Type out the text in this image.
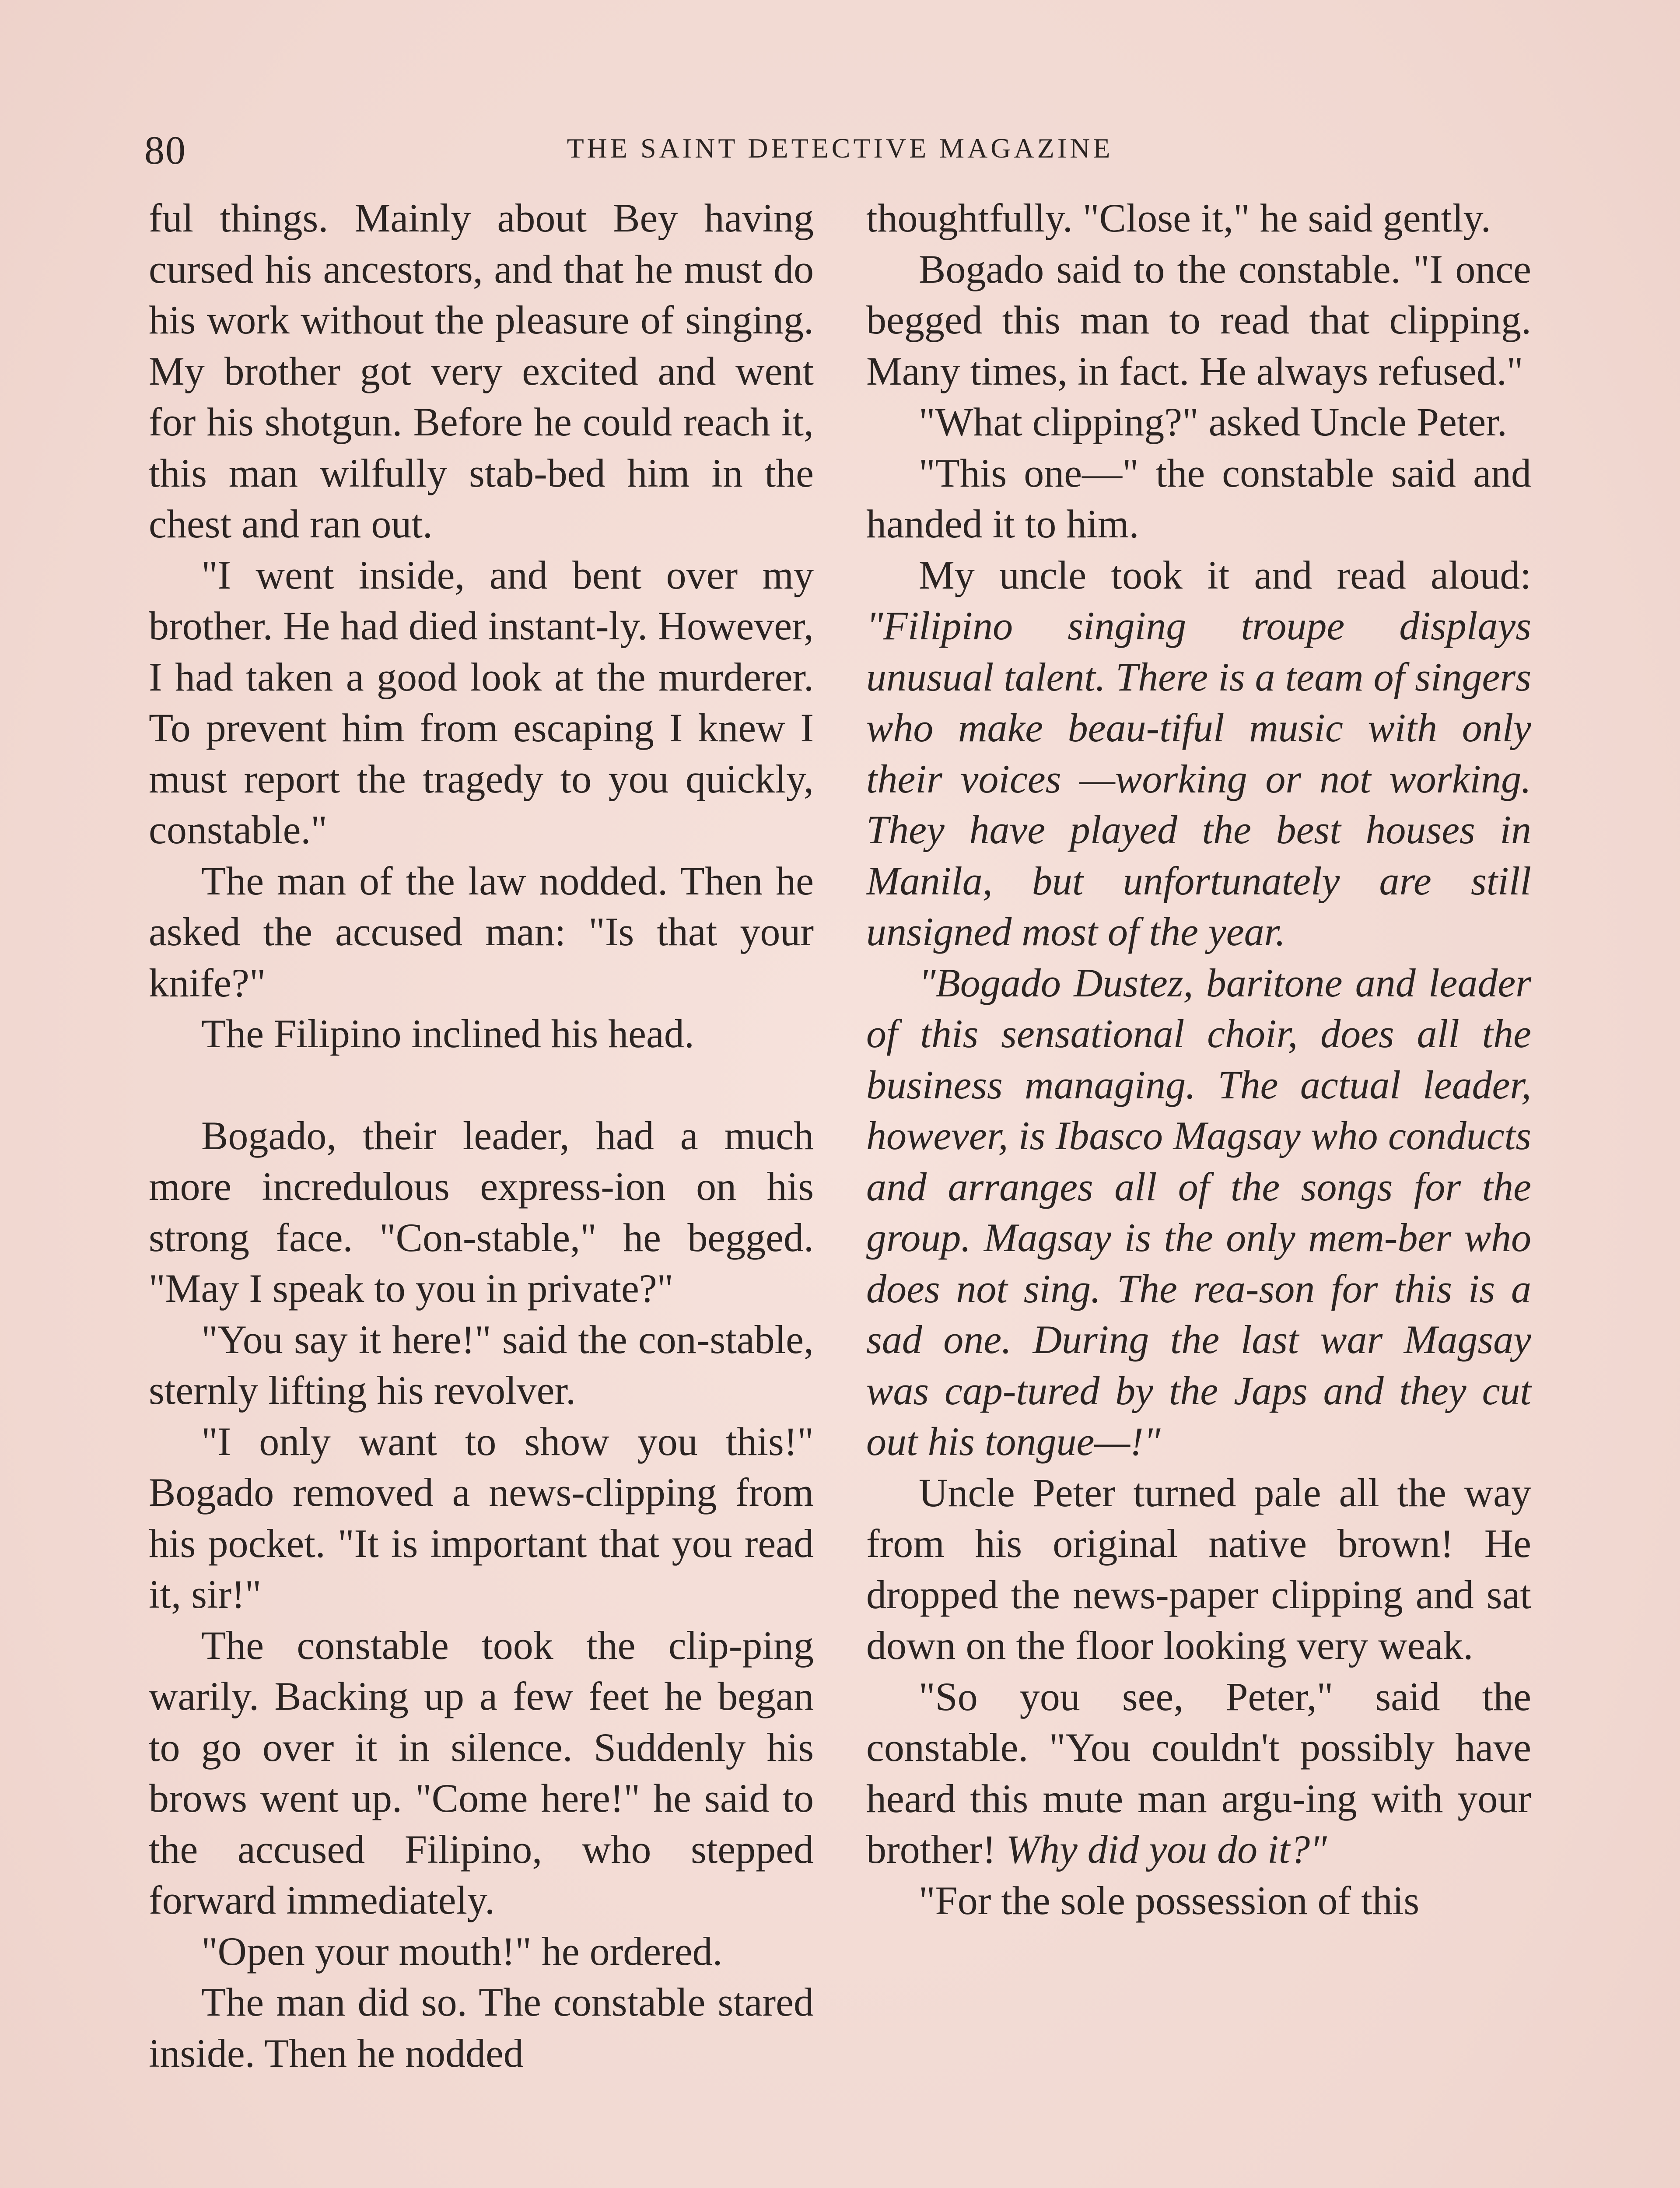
80	THE SAINT DETECTIVE MAGAZINE

ful things. Mainly about Bey having cursed his ancestors, and that he must do his work without the pleasure of singing. My brother got very excited and went for his shotgun. Before he could reach it, this man wilfully stab-bed him in the chest and ran out.

"I went inside, and bent over my brother. He had died instant-ly. However, I had taken a good look at the murderer. To prevent him from escaping I knew I must report the tragedy to you quickly, constable."

The man of the law nodded. Then he asked the accused man: "Is that your knife?"

The Filipino inclined his head.

Bogado, their leader, had a much more incredulous express-ion on his strong face. "Con-stable," he begged. "May I speak to you in private?"

"You say it here!" said the con-stable, sternly lifting his revolver.

"I only want to show you this!" Bogado removed a news-clipping from his pocket. "It is important that you read it, sir!"

The constable took the clip-ping warily. Backing up a few feet he began to go over it in silence. Suddenly his brows went up. "Come here!" he said to the accused Filipino, who stepped forward immediately.

"Open your mouth!" he ordered.

The man did so. The constable stared inside. Then he nodded

thoughtfully. "Close it," he said gently.

Bogado said to the constable. "I once begged this man to read that clipping. Many times, in fact. He always refused."

"What clipping?" asked Uncle Peter.

"This one—" the constable said and handed it to him.

My uncle took it and read aloud: "Filipino singing troupe displays unusual talent. There is a team of singers who make beau-tiful music with only their voices —working or not working. They have played the best houses in Manila, but unfortunately are still unsigned most of the year.

"Bogado Dustez, baritone and leader of this sensational choir, does all the business managing. The actual leader, however, is Ibasco Magsay who conducts and arranges all of the songs for the group. Magsay is the only mem-ber who does not sing. The rea-son for this is a sad one. During the last war Magsay was cap-tured by the Japs and they cut out his tongue—!"

Uncle Peter turned pale all the way from his original native brown! He dropped the news-paper clipping and sat down on the floor looking very weak.

"So you see, Peter," said the constable. "You couldn't possibly have heard this mute man argu-ing with your brother! Why did you do it?"

"For the sole possession of this
